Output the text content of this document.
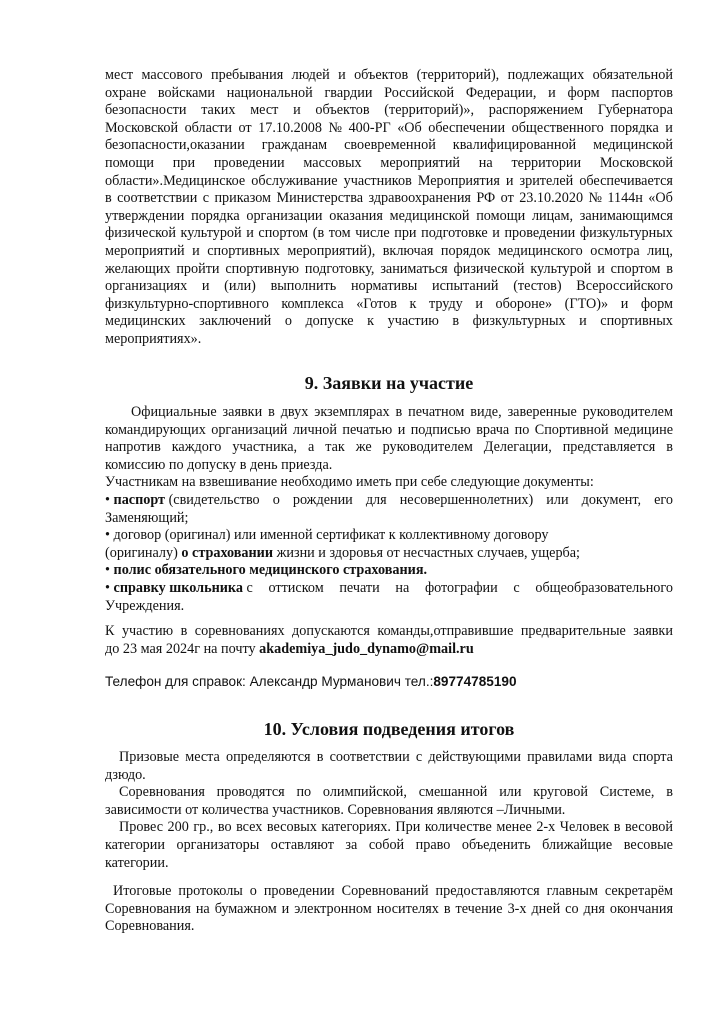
мест массового пребывания людей и объектов (территорий), подлежащих обязательной
охране войсками национальной гвардии Российской Федерации, и форм паспортов
безопасности таких мест и объектов (территорий)», распоряжением Губернатора
Московской области от 17.10.2008 № 400-РГ «Об обеспечении общественного порядка и
безопасности,оказании гражданам своевременной квалифицированной медицинской
помощи при проведении массовых мероприятий на территории Московской
области».Медицинское обслуживание участников Мероприятия и зрителей обеспечивается
в соответствии с приказом Министерства здравоохранения РФ от 23.10.2020 № 1144н «Об
утверждении порядка организации оказания медицинской помощи лицам, занимающимся
физической культурой и спортом (в том числе при подготовке и проведении физкультурных
мероприятий и спортивных мероприятий), включая порядок медицинского осмотра лиц,
желающих пройти спортивную подготовку, заниматься физической культурой и спортом в
организациях и (или) выполнить нормативы испытаний (тестов) Всероссийского
физкультурно-спортивного комплекса «Готов к труду и обороне» (ГТО)» и форм
медицинских заключений о допуске к участию в физкультурных и спортивных
мероприятиях».
9. Заявки на участие
Официальные заявки в двух экземплярах в печатном виде, заверенные руководителем
командирующих организаций личной печатью и подписью врача по Спортивной медицине
напротив каждого участника, а так же руководителем Делегации, представляется в
комиссию по допуску в день приезда.
Участникам на взвешивание необходимо иметь при себе следующие документы:
• паспорт (свидетельство о рождении для несовершеннолетних) или документ, его
Заменяющий;
• договор (оригинал) или именной сертификат к коллективному договору
(оригиналу)
о страховании
жизни и здоровья от несчастных случаев, ущерба;
• полис обязательного медицинского страхования.
• справку школьника с оттиском печати на фотографии с общеобразовательного
Учреждения.
К участию в соревнованиях допускаются команды,отправившие предварительные заявки
до 23 мая 2024г на почту
akademiya_judo_dynamo@mail.ru
Телефон для справок: Александр Мурманович тел.: 89774785190
10. Условия подведения итогов
Призовые места определяются в соответствии с действующими правилами вида спорта
дзюдо.
Соревнования проводятся по олимпийской, смешанной или круговой Системе, в
зависимости от количества участников. Соревнования являются –Личными.
Провес 200 гр., во всех весовых категориях. При количестве менее 2-х Человек в весовой
категории организаторы оставляют за собой право объеденить ближайщие весовые
категории.
Итоговые протоколы о проведении Соревнований предоставляются главным секретарём
Соревнования на бумажном и электронном носителях в течение 3-х дней со дня окончания
Соревнования.
